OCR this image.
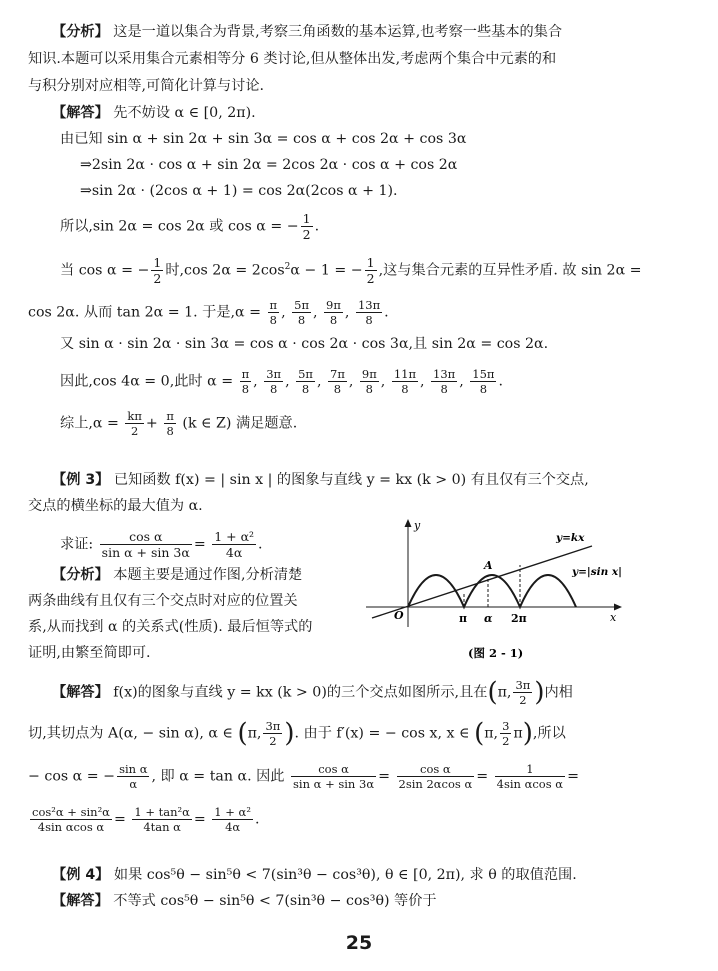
【分析】 这是一道以集合为背景,考察三角函数的基本运算,也考察一些基本的集合
知识.本题可以采用集合元素相等分 6 类讨论,但从整体出发,考虑两个集合中元素的和
与积分别对应相等,可简化计算与讨论.
【解答】 先不妨设 α ∈ [0, 2π).
由已知 sin α + sin 2α + sin 3α = cos α + cos 2α + cos 3α
⇒2sin 2α · cos α + sin 2α = 2cos 2α · cos α + cos 2α
⇒sin 2α · (2cos α + 1) = cos 2α(2cos α + 1).
所以,sin 2α = cos 2α 或 cos α = − $\frac{1}{2}$ .
当 cos α = − $\frac{1}{2}$ 时,cos $2\alpha = 2\cos^2\alpha - 1$ = − $\frac{1}{2}$ ,这与集合元素的互异性矛盾. 故 sin 2α =
cos 2α. 从而 tan 2α = 1. 于是$,\alpha = \frac{\pi}{8}$ , $\frac{5\pi}{8}$ , $\frac{9\pi}{8}$ , $\frac{13\pi}{8}$ .
又 sin α · sin 2α · sin 3α = cos α · cos 2α · cos 3α,且 sin 2α = cos 2α.
因此,cos 4α = 0,此时 $\alpha = \frac{\pi}{8}$ , $\frac{3\pi}{8}$ , $\frac{5\pi}{8}$ , $\frac{7\pi}{8}$ , $\frac{9\pi}{8}$ , $\frac{11\pi}{8}$ , $\frac{13\pi}{8}$ , $\frac{15\pi}{8}$ .
综上$,\alpha = \frac{k\pi}{2} + \frac{\pi}{8} (k$ ∈ Z) 满足题意.
【例 3】 已知函数 f(x) = | sin x | 的图象与直线 y = kx (k > 0) 有且仅有三个交点,
交点的横坐标的最大值为 α.
求证: $\frac{\text{cos α}}{\text{sin α + sin 3α}} = \frac{\text{1 + α²}}{4\alpha}$ .
【分析】 本题主要是通过作图,分析清楚
两条曲线有且仅有三个交点时对应的位置关
系,从而找到 α 的关系式(性质). 最后恒等式的
证明,由繁至简即可.
y
x
O
y=kx
y=|sin x|
A
π α 2π
(图 2 - 1)
【解答】 f(x)的图象与直线 y = kx (k > 0)的三个交点如图所示,且在(π, $\frac{3\pi}{2}$ )内相
切,其切点为 A(α, − sin α), α ∈ (π, $\frac{3\pi}{2}$ ). 由于 f′(x) = − cos x, x ∈ (π, $\frac{3}{2} \pi$),所以
− cos α = − $\frac{\text{sin α}}{\alpha}$ , 即 α = tan α. 因此 $\frac{\text{cos α}}{\text{sin α + sin 3α}} = \frac{\text{cos α}}{\text{2sin 2αcos α}} = \frac{1}{\text{4sin αcos α}}$ =
$\frac{\text{cos²α + sin²α}}{\text{4sin αcos α}} = \frac{\text{1 + tan²α}}{\text{4tan α}} = \frac{\text{1 + α²}}{4\alpha}$ .
【例 4】 如果 cos⁵θ − sin⁵θ < 7(sin³θ − cos³θ), θ ∈ [0, 2π), 求 θ 的取值范围.
【解答】 不等式 cos⁵θ − sin⁵θ < 7(sin³θ − cos³θ) 等价于
25
